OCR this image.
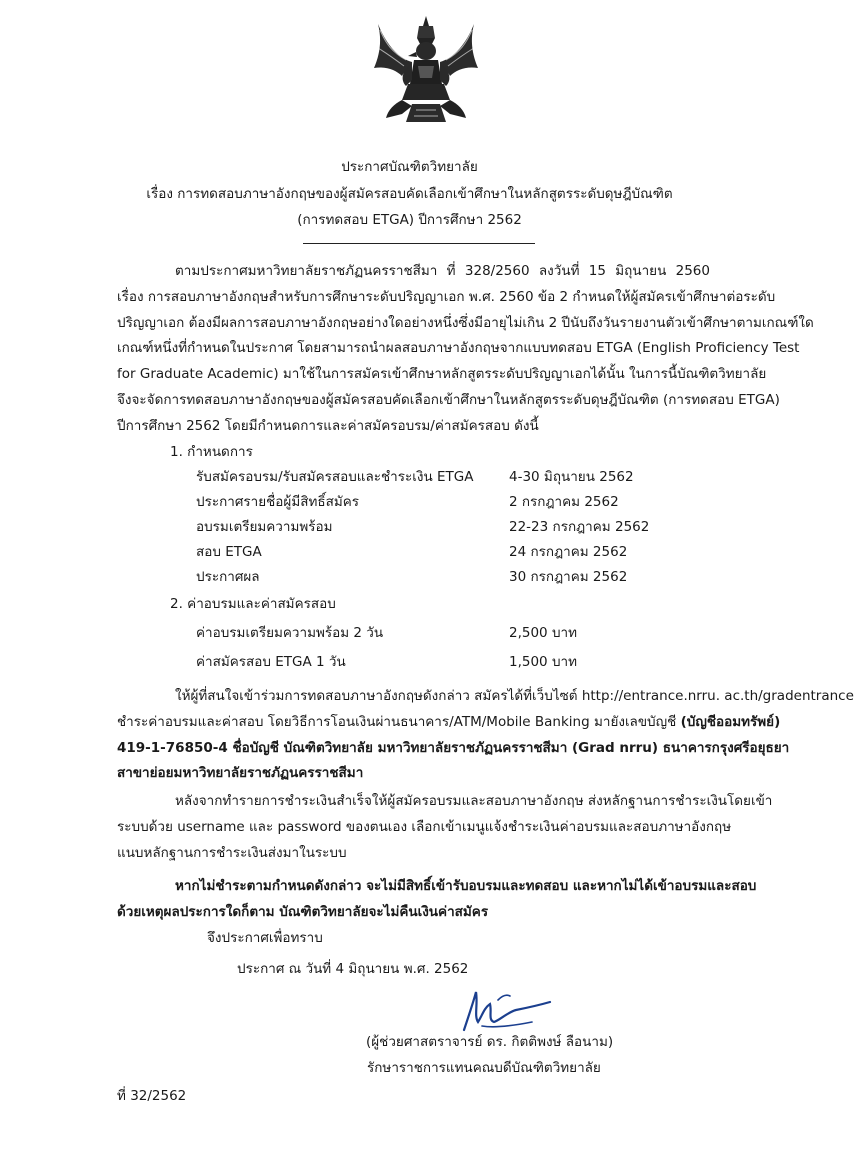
ประกาศบัณฑิตวิทยาลัย
เรื่อง การทดสอบภาษาอังกฤษของผู้สมัครสอบคัดเลือกเข้าศึกษาในหลักสูตรระดับดุษฎีบัณฑิต
(การทดสอบ ETGA) ปีการศึกษา 2562
ตามประกาศมหาวิทยาลัยราชภัฏนครราชสีมา ที่ 328/2560 ลงวันที่ 15 มิถุนายน 2560
เรื่อง การสอบภาษาอังกฤษสำหรับการศึกษาระดับปริญญาเอก พ.ศ. 2560 ข้อ 2 กำหนดให้ผู้สมัครเข้าศึกษาต่อระดับ
ปริญญาเอก ต้องมีผลการสอบภาษาอังกฤษอย่างใดอย่างหนึ่งซึ่งมีอายุไม่เกิน 2 ปีนับถึงวันรายงานตัวเข้าศึกษาตามเกณฑ์ใด
เกณฑ์หนึ่งที่กำหนดในประกาศ โดยสามารถนำผลสอบภาษาอังกฤษจากแบบทดสอบ ETGA (English Proficiency Test
for Graduate Academic) มาใช้ในการสมัครเข้าศึกษาหลักสูตรระดับปริญญาเอกได้นั้น ในการนี้บัณฑิตวิทยาลัย
จึงจะจัดการทดสอบภาษาอังกฤษของผู้สมัครสอบคัดเลือกเข้าศึกษาในหลักสูตรระดับดุษฎีบัณฑิต (การทดสอบ ETGA)
ปีการศึกษา 2562 โดยมีกำหนดการและค่าสมัครอบรม/ค่าสมัครสอบ ดังนี้
1. กำหนดการ
รับสมัครอบรม/รับสมัครสอบและชำระเงิน ETGA	4-30 มิถุนายน 2562
ประกาศรายชื่อผู้มีสิทธิ์สมัคร	2 กรกฎาคม 2562
อบรมเตรียมความพร้อม	22-23 กรกฎาคม 2562
สอบ ETGA	24 กรกฎาคม 2562
ประกาศผล	30 กรกฎาคม 2562
2. ค่าอบรมและค่าสมัครสอบ
ค่าอบรมเตรียมความพร้อม 2 วัน	2,500 บาท
ค่าสมัครสอบ ETGA 1 วัน	1,500 บาท
ให้ผู้ที่สนใจเข้าร่วมการทดสอบภาษาอังกฤษดังกล่าว สมัครได้ที่เว็บไซต์ http://entrance.nrru. ac.th/gradentrance
ชำระค่าอบรมและค่าสอบ โดยวิธีการโอนเงินผ่านธนาคาร/ATM/Mobile Banking มายังเลขบัญชี (บัญชีออมทรัพย์)
419-1-76850-4 ชื่อบัญชี บัณฑิตวิทยาลัย มหาวิทยาลัยราชภัฏนครราชสีมา (Grad nrru) ธนาคารกรุงศรีอยุธยา
สาขาย่อยมหาวิทยาลัยราชภัฏนครราชสีมา
หลังจากทำรายการชำระเงินสำเร็จให้ผู้สมัครอบรมและสอบภาษาอังกฤษ ส่งหลักฐานการชำระเงินโดยเข้า
ระบบด้วย username และ password ของตนเอง เลือกเข้าเมนูแจ้งชำระเงินค่าอบรมและสอบภาษาอังกฤษ
แนบหลักฐานการชำระเงินส่งมาในระบบ
หากไม่ชำระตามกำหนดดังกล่าว จะไม่มีสิทธิ์เข้ารับอบรมและทดสอบ และหากไม่ได้เข้าอบรมและสอบ
ด้วยเหตุผลประการใดก็ตาม บัณฑิตวิทยาลัยจะไม่คืนเงินค่าสมัคร
จึงประกาศเพื่อทราบ
ประกาศ ณ วันที่ 4 มิถุนายน พ.ศ. 2562
(ผู้ช่วยศาสตราจารย์ ดร. กิตติพงษ์ ลือนาม)
รักษาราชการแทนคณบดีบัณฑิตวิทยาลัย
ที่ 32/2562
